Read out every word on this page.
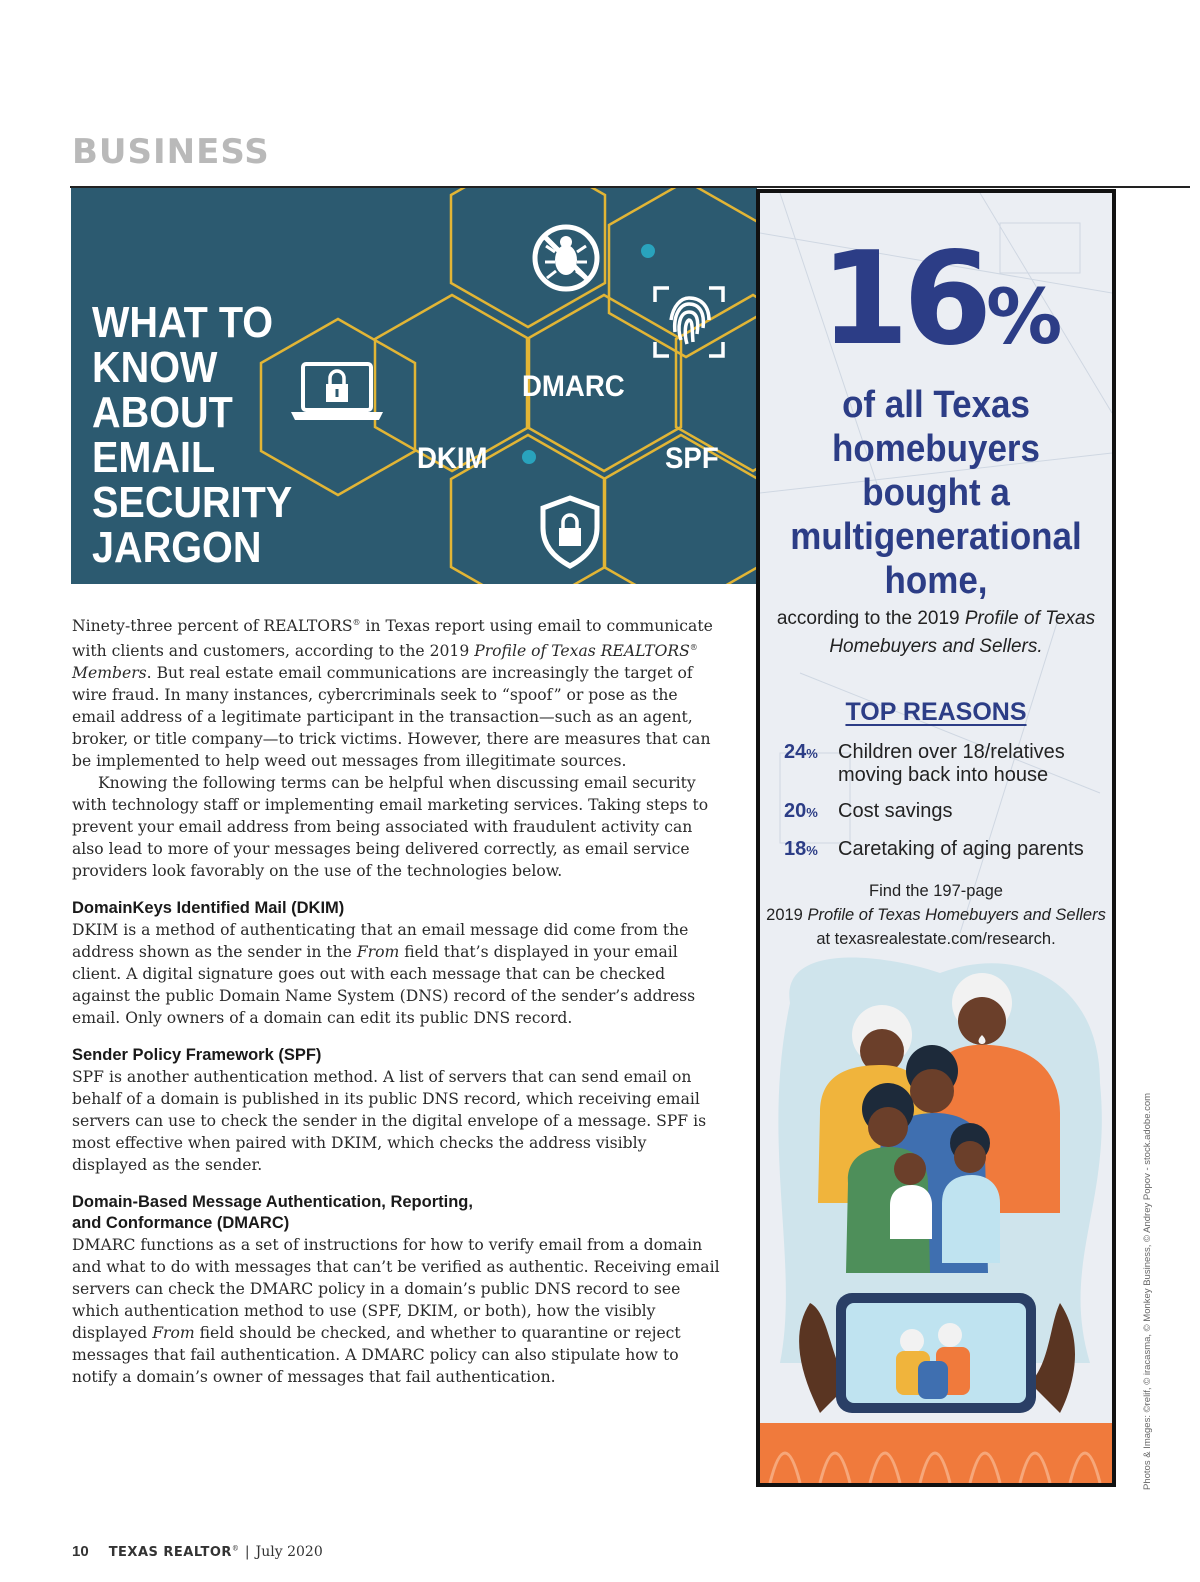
BUSINESS
WHAT TO
KNOW
ABOUT
EMAIL
SECURITY
JARGON
DKIM
DMARC
SPF

Ninety-three percent of REALTORS® in Texas report using email to communicate with clients and customers, according to the 2019 Profile of Texas REALTORS® Members. But real estate email communications are increasingly the target of wire fraud. In many instances, cybercriminals seek to “spoof” or pose as the email address of a legitimate participant in the transaction—such as an agent, broker, or title company—to trick victims. However, there are measures that can be implemented to help weed out messages from illegitimate sources.

Knowing the following terms can be helpful when discussing email security with technology staff or implementing email marketing services. Taking steps to prevent your email address from being associated with fraudulent activity can also lead to more of your messages being delivered correctly, as email service providers look favorably on the use of the technologies below.

DomainKeys Identified Mail (DKIM)

DKIM is a method of authenticating that an email message did come from the address shown as the sender in the From field that’s displayed in your email client. A digital signature goes out with each message that can be checked against the public Domain Name System (DNS) record of the sender’s address email. Only owners of a domain can edit its public DNS record.

Sender Policy Framework (SPF)

SPF is another authentication method. A list of servers that can send email on behalf of a domain is published in its public DNS record, which receiving email servers can use to check the sender in the digital envelope of a message. SPF is most effective when paired with DKIM, which checks the address visibly displayed as the sender.

Domain-Based Message Authentication, Reporting,
and Conformance (DMARC)

DMARC functions as a set of instructions for how to verify email from a domain and what to do with messages that can’t be verified as authentic. Receiving email servers can check the DMARC policy in a domain’s public DNS record to see which authentication method to use (SPF, DKIM, or both), how the visibly displayed From field should be checked, and whether to quarantine or reject messages that fail authentication. A DMARC policy can also stipulate how to notify a domain’s owner of messages that fail authentication.

10 TEXAS REALTOR® | July 2020
16%
of all Texas
homebuyers
bought a
multigenerational
home,
according to the 2019 Profile of Texas Homebuyers and Sellers.
TOP REASONS
24% Children over 18/relatives moving back into house
20% Cost savings
18% Caretaking of aging parents
Find the 197-page
2019 Profile of Texas Homebuyers and Sellers
at texasrealestate.com/research.
Photos & Images: ©relif, © iracasma, © Monkey Business, © Andrey Popov - stock.adobe.com
